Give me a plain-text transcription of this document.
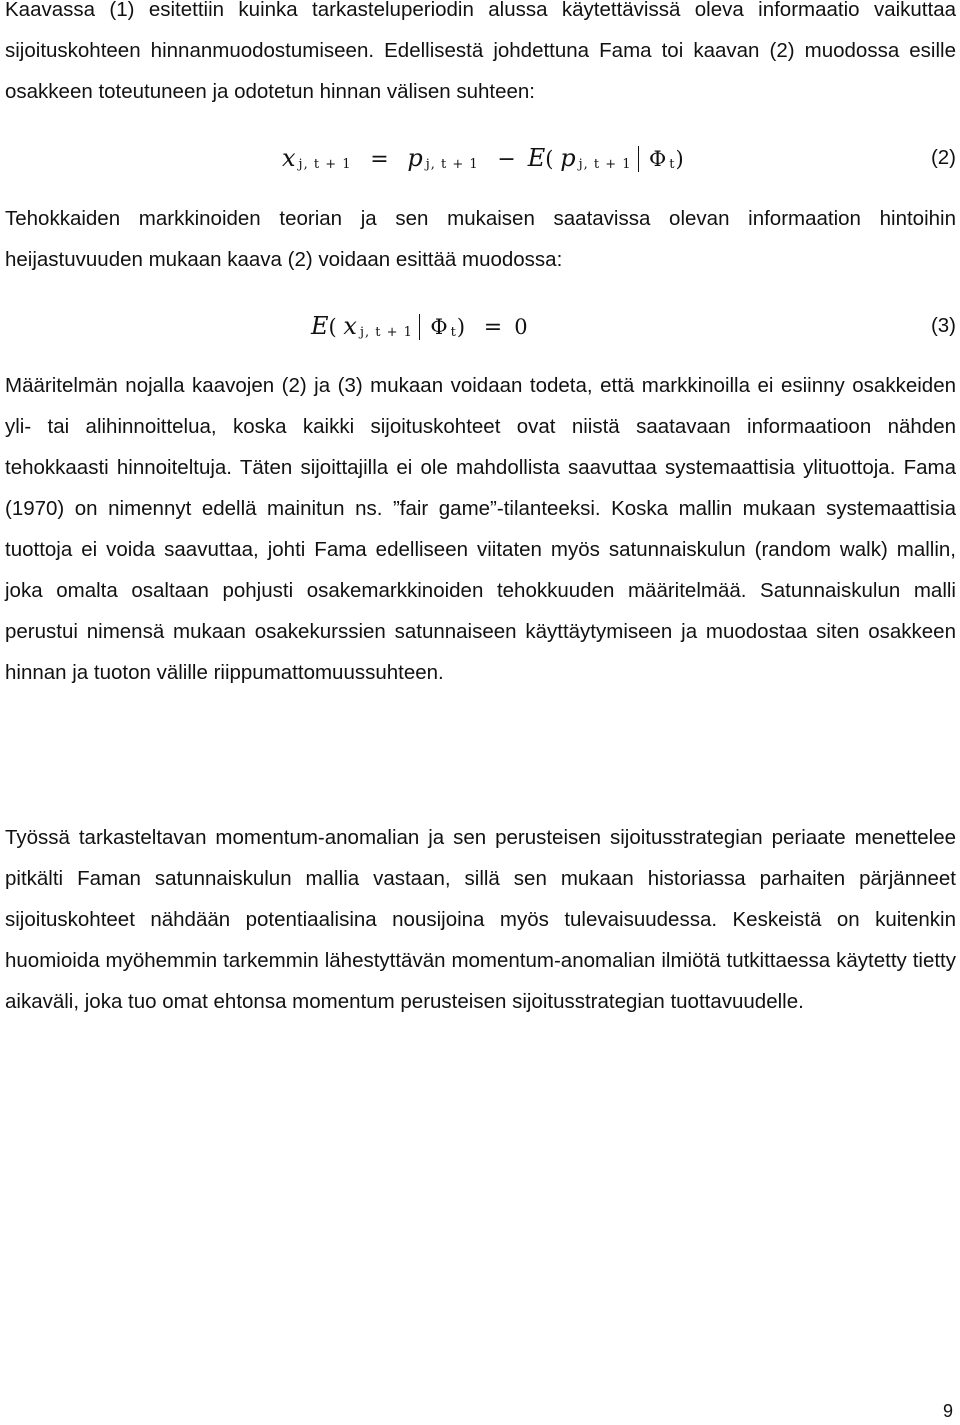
Kaavassa (1) esitettiin kuinka tarkasteluperiodin alussa käytettävissä oleva informaatio vaikuttaa sijoituskohteen hinnanmuodostumiseen. Edellisestä johdettuna Fama toi kaavan (2) muodossa esille osakkeen toteutuneen ja odotetun hinnan välisen suhteen:

𝑥 $_{j, t + 1}$ = 𝑝 $_{j, t + 1}$ − 𝐸( 𝑝 $_{j, t + 1}$ Φ $_t$)	(2)

Tehokkaiden markkinoiden teorian ja sen mukaisen saatavissa olevan informaation hintoihin heijastuvuuden mukaan kaava (2) voidaan esittää muodossa:

𝐸( 𝑥 $_{j, t + 1}$ Φ $_t$) = 0	(3)

Määritelmän nojalla kaavojen (2) ja (3) mukaan voidaan todeta, että markkinoilla ei esiinny osakkeiden yli- tai alihinnoittelua, koska kaikki sijoituskohteet ovat niistä saatavaan informaatioon nähden tehokkaasti hinnoiteltuja. Täten sijoittajilla ei ole mahdollista saavuttaa systemaattisia ylituottoja. Fama (1970) on nimennyt edellä mainitun ns. ”fair game”-tilanteeksi. Koska mallin mukaan systemaattisia tuottoja ei voida saavuttaa, johti Fama edelliseen viitaten myös satunnaiskulun (random walk) mallin, joka omalta osaltaan pohjusti osakemarkkinoiden tehokkuuden määritelmää. Satunnaiskulun malli perustui nimensä mukaan osakekurssien satunnaiseen käyttäytymiseen ja muodostaa siten osakkeen hinnan ja tuoton välille riippumattomuussuhteen.

Työssä tarkasteltavan momentum-anomalian ja sen perusteisen sijoitusstrategian periaate menettelee pitkälti Faman satunnaiskulun mallia vastaan, sillä sen mukaan historiassa parhaiten pärjänneet sijoituskohteet nähdään potentiaalisina nousijoina myös tulevaisuudessa. Keskeistä on kuitenkin huomioida myöhemmin tarkemmin lähestyttävän momentum-anomalian ilmiötä tutkittaessa käytetty tietty aikaväli, joka tuo omat ehtonsa momentum perusteisen sijoitusstrategian tuottavuudelle.

9
